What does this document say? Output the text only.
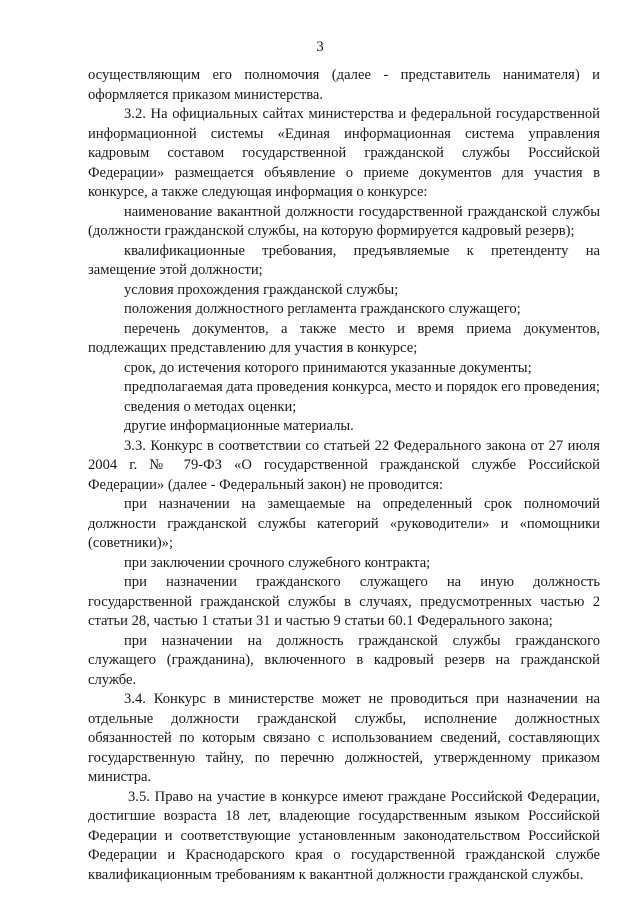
3

осуществляющим его полномочия (далее - представитель нанимателя) и оформляется приказом министерства.

3.2. На официальных сайтах министерства и федеральной государственной информационной системы «Единая информационная система управления кадровым составом государственной гражданской службы Российской Федерации» размещается объявление о приеме документов для участия в конкурсе, а также следующая информация о конкурсе:

наименование вакантной должности государственной гражданской службы (должности гражданской службы, на которую формируется кадровый резерв);

квалификационные требования, предъявляемые к претенденту на замещение этой должности;

условия прохождения гражданской службы;

положения должностного регламента гражданского служащего;

перечень документов, а также место и время приема документов, подлежащих представлению для участия в конкурсе;

срок, до истечения которого принимаются указанные документы;

предполагаемая дата проведения конкурса, место и порядок его проведения;

сведения о методах оценки;

другие информационные материалы.

3.3. Конкурс в соответствии со статьей 22 Федерального закона от 27 июля 2004 г. № 79-ФЗ «О государственной гражданской службе Российской Федерации» (далее - Федеральный закон) не проводится:

при назначении на замещаемые на определенный срок полномочий должности гражданской службы категорий «руководители» и «помощники (советники)»;

при заключении срочного служебного контракта;

при назначении гражданского служащего на иную должность государственной гражданской службы в случаях, предусмотренных частью 2 статьи 28, частью 1 статьи 31 и частью 9 статьи 60.1 Федерального закона;

при назначении на должность гражданской службы гражданского служащего (гражданина), включенного в кадровый резерв на гражданской службе.

3.4. Конкурс в министерстве может не проводиться при назначении на отдельные должности гражданской службы, исполнение должностных обязанностей по которым связано с использованием сведений, составляющих государственную тайну, по перечню должностей, утвержденному приказом министра.

3.5. Право на участие в конкурсе имеют граждане Российской Федерации, достигшие возраста 18 лет, владеющие государственным языком Российской Федерации и соответствующие установленным законодательством Российской Федерации и Краснодарского края о государственной гражданской службе квалификационным требованиям к вакантной должности гражданской службы.
